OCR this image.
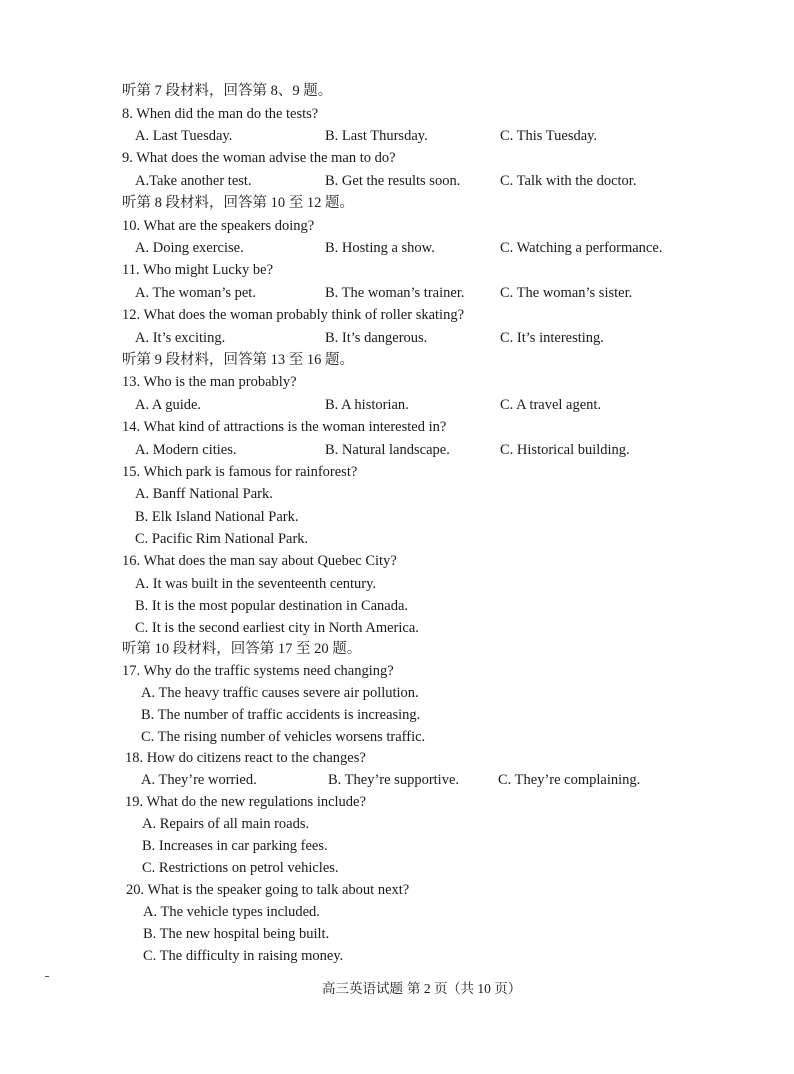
听第 7 段材料，回答第 8、9 题。
8. When did the man do the tests?
A. Last Tuesday.	B. Last Thursday.	C. This Tuesday.
9. What does the woman advise the man to do?
A.Take another test.	B. Get the results soon.	C. Talk with the doctor.
听第 8 段材料，回答第 10 至 12 题。
10. What are the speakers doing?
A. Doing exercise.	B. Hosting a show.	C. Watching a performance.
11. Who might Lucky be?
A. The woman’s pet.	B. The woman’s trainer. C. The woman’s sister.
12. What does the woman probably think of roller skating?
A. It’s exciting.	B. It’s dangerous.	C. It’s interesting.
听第 9 段材料，回答第 13 至 16 题。
13. Who is the man probably?
A. A guide.	B. A historian.	C. A travel agent.
14. What kind of attractions is the woman interested in?
A. Modern cities.	B. Natural landscape.	C. Historical building.
15. Which park is famous for rainforest?
A. Banff National Park.
B. Elk Island National Park.
C. Pacific Rim National Park.
16. What does the man say about Quebec City?
A. It was built in the seventeenth century.
B. It is the most popular destination in Canada.
C. It is the second earliest city in North America.
听第 10 段材料，回答第 17 至 20 题。
17. Why do the traffic systems need changing?
A. The heavy traffic causes severe air pollution.
B. The number of traffic accidents is increasing.
C. The rising number of vehicles worsens traffic.
18. How do citizens react to the changes?
A. They’re worried.	B. They’re supportive.	C. They’re complaining.
19. What do the new regulations include?
A. Repairs of all main roads.
B. Increases in car parking fees.
C. Restrictions on petrol vehicles.
20. What is the speaker going to talk about next?
A. The vehicle types included.
B. The new hospital being built.
C. The difficulty in raising money.
高三英语试题 第 2 页 （共 10 页）
